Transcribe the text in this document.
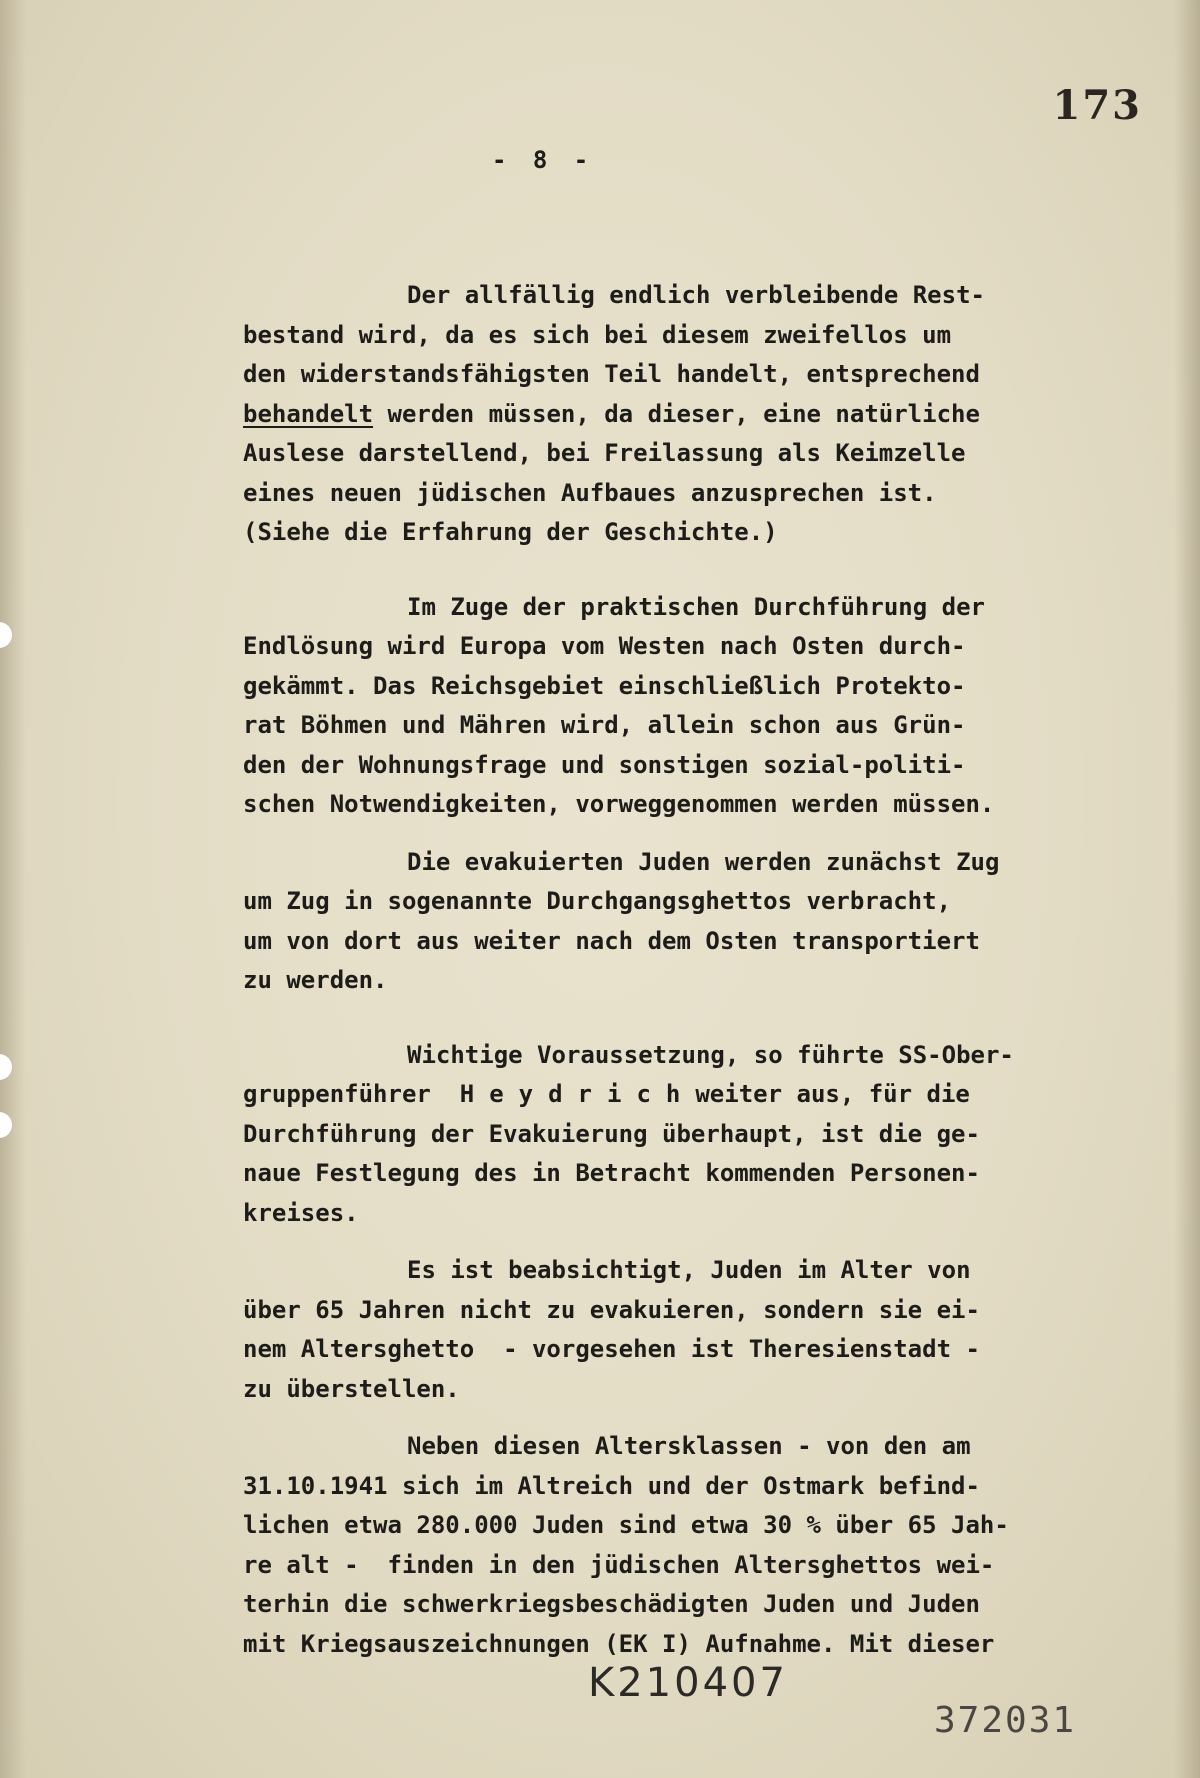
173
- 8 -
Der allfällig endlich verbleibende Rest-
bestand wird, da es sich bei diesem zweifellos um
den widerstandsfähigsten Teil handelt, entsprechend
behandelt werden müssen, da dieser, eine natürliche
Auslese darstellend, bei Freilassung als Keimzelle
eines neuen jüdischen Aufbaues anzusprechen ist.
(Siehe die Erfahrung der Geschichte.)
Im Zuge der praktischen Durchführung der
Endlösung wird Europa vom Westen nach Osten durch-
gekämmt. Das Reichsgebiet einschließlich Protekto-
rat Böhmen und Mähren wird, allein schon aus Grün-
den der Wohnungsfrage und sonstigen sozial-politi-
schen Notwendigkeiten, vorweggenommen werden müssen.
Die evakuierten Juden werden zunächst Zug
um Zug in sogenannte Durchgangsghettos verbracht,
um von dort aus weiter nach dem Osten transportiert
zu werden.
Wichtige Voraussetzung, so führte SS-Ober-
gruppenführer Heydrichweiter aus, für die
Durchführung der Evakuierung überhaupt, ist die ge-
naue Festlegung des in Betracht kommenden Personen-
kreises.
Es ist beabsichtigt, Juden im Alter von
über 65 Jahren nicht zu evakuieren, sondern sie ei-
nem Altersghetto  - vorgesehen ist Theresienstadt -
zu überstellen.
Neben diesen Altersklassen - von den am
31.10.1941 sich im Altreich und der Ostmark befind-
lichen etwa 280.000 Juden sind etwa 30 % über 65 Jah-
re alt -  finden in den jüdischen Altersghettos wei-
terhin die schwerkriegsbeschädigten Juden und Juden
mit Kriegsauszeichnungen (EK I) Aufnahme. Mit dieser
K210407
372031
